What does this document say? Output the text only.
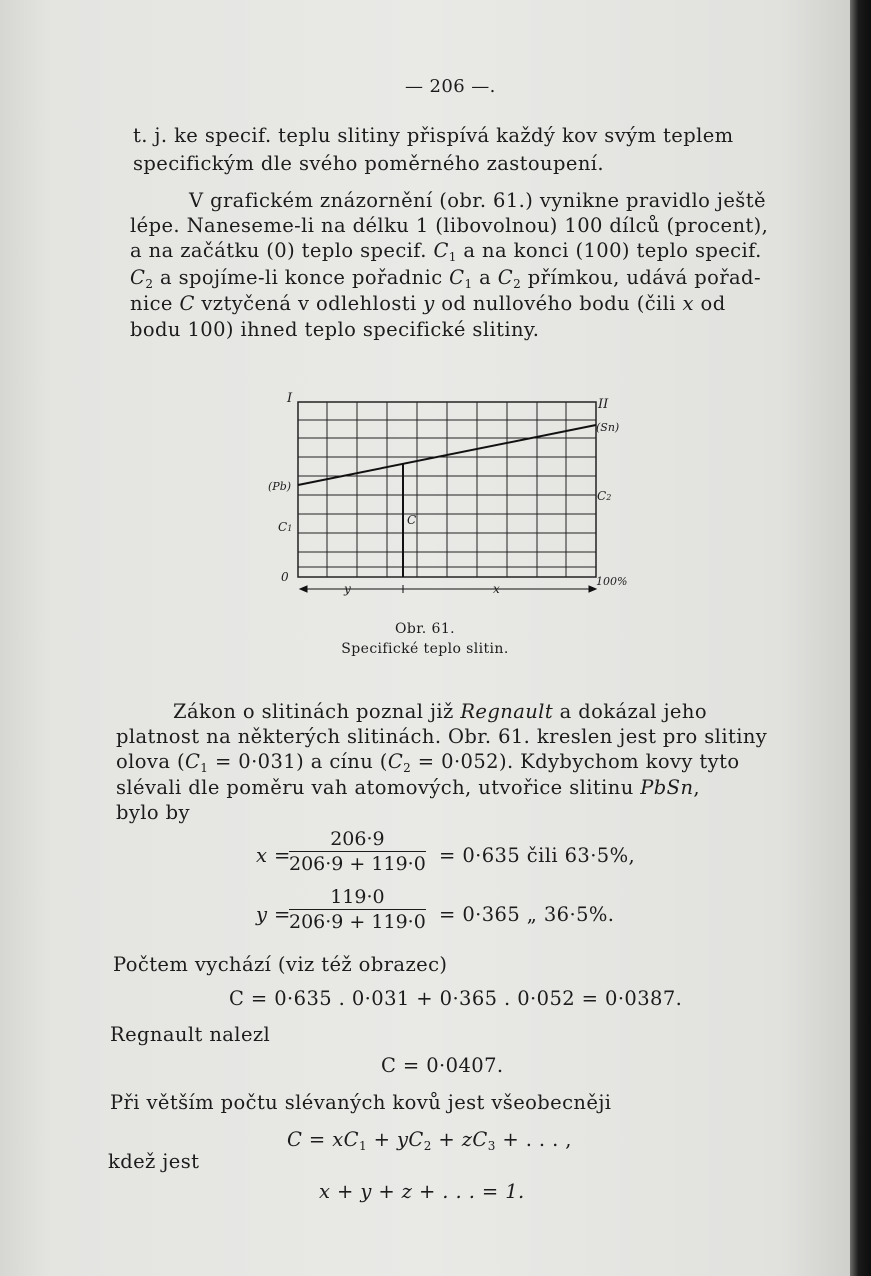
— 206 —.
t. j. ke specif. teplu slitiny přispívá každý kov svým teplem
specifickým dle svého poměrného zastoupení.
V grafickém znázornění (obr. 61.) vynikne pravidlo ještě
lépe. Naneseme-li na délku 1 (libovolnou) 100 dílců (procent),
a na začátku (0) teplo specif. $C_1$ a na konci (100) teplo specif.
$C_2$ a spojíme-li konce pořadnic $C_1$ a $C_2$ přímkou, udává pořad-
nice C vztyčená v odlehlosti y od nullového bodu (čili x od
bodu 100) ihned teplo specifické slitiny.
I	II
(Sn)
(Pb)
C1
C2
C
0
y	x
100%
Obr. 61.
Specifické teplo slitin.
Zákon o slitinách poznal již Regnault a dokázal jeho
platnost na některých slitinách. Obr. 61. kreslen jest pro slitiny
olova $(C_1 = 0\cdot 031)$ a cínu $(C_2 = 0\cdot 052)$. Kdybychom kovy tyto
slévali dle poměru vah atomových, utvořice slitinu PbSn,
bylo by
x =
$\frac{206\cdot 9}{206\cdot 9 + 119\cdot 0} = 0\cdot 635$ čili 63·5%,
y =
$\frac{119\cdot 0}{206\cdot 9 + 119\cdot 0} = 0\cdot 365$ „ 36·5%.
Počtem vychází (viz též obrazec)
C = 0·635 . 0·031 + 0·365 . 0·052 = 0·0387.
Regnault nalezl
C = 0·0407.
Při větším počtu slévaných kovů jest všeobecněji
$C = xC_1 + yC_2 + zC_3$ + . . . ,
kdež jest
x + y + z + . . . = 1.
